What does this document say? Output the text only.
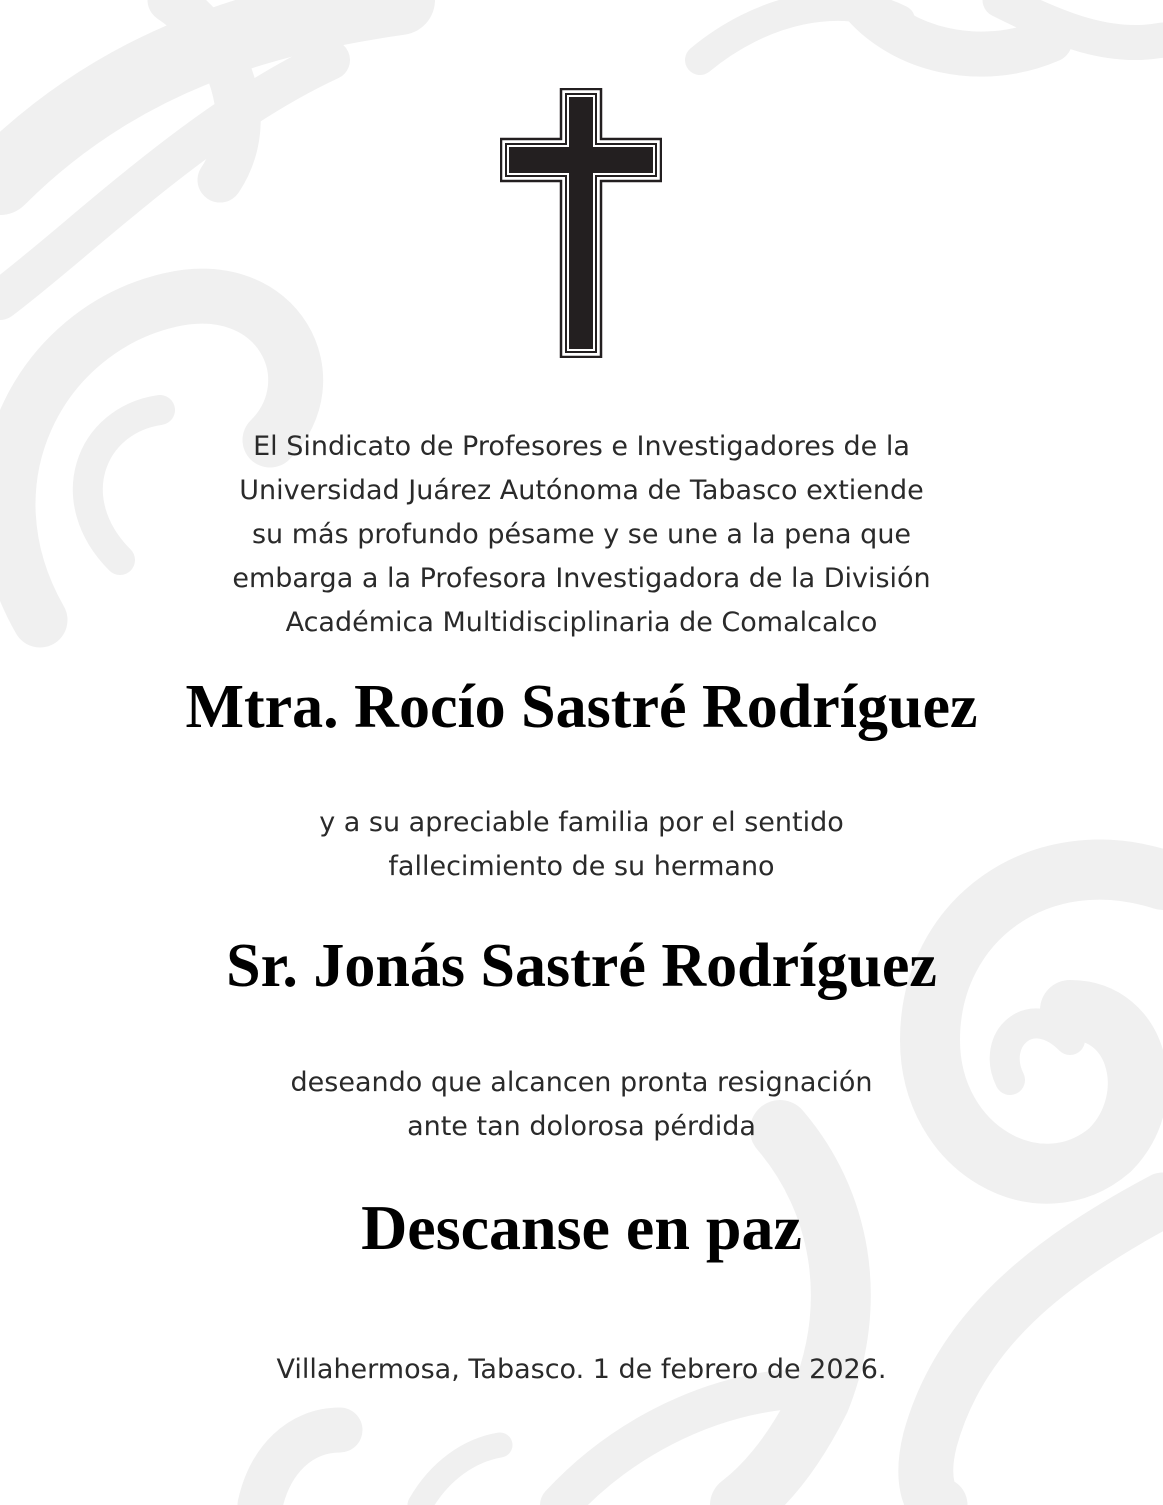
El Sindicato de Profesores e Investigadores de la
Universidad Juárez Autónoma de Tabasco extiende
su más profundo pésame y se une a la pena que
embarga a la Profesora Investigadora de la División
Académica Multidisciplinaria de Comalcalco

Mtra. Rocío Sastré Rodríguez

y a su apreciable familia por el sentido
fallecimiento de su hermano

Sr. Jonás Sastré Rodríguez

deseando que alcancen pronta resignación
ante tan dolorosa pérdida

Descanse en paz

Villahermosa, Tabasco. 1 de febrero de 2026.
